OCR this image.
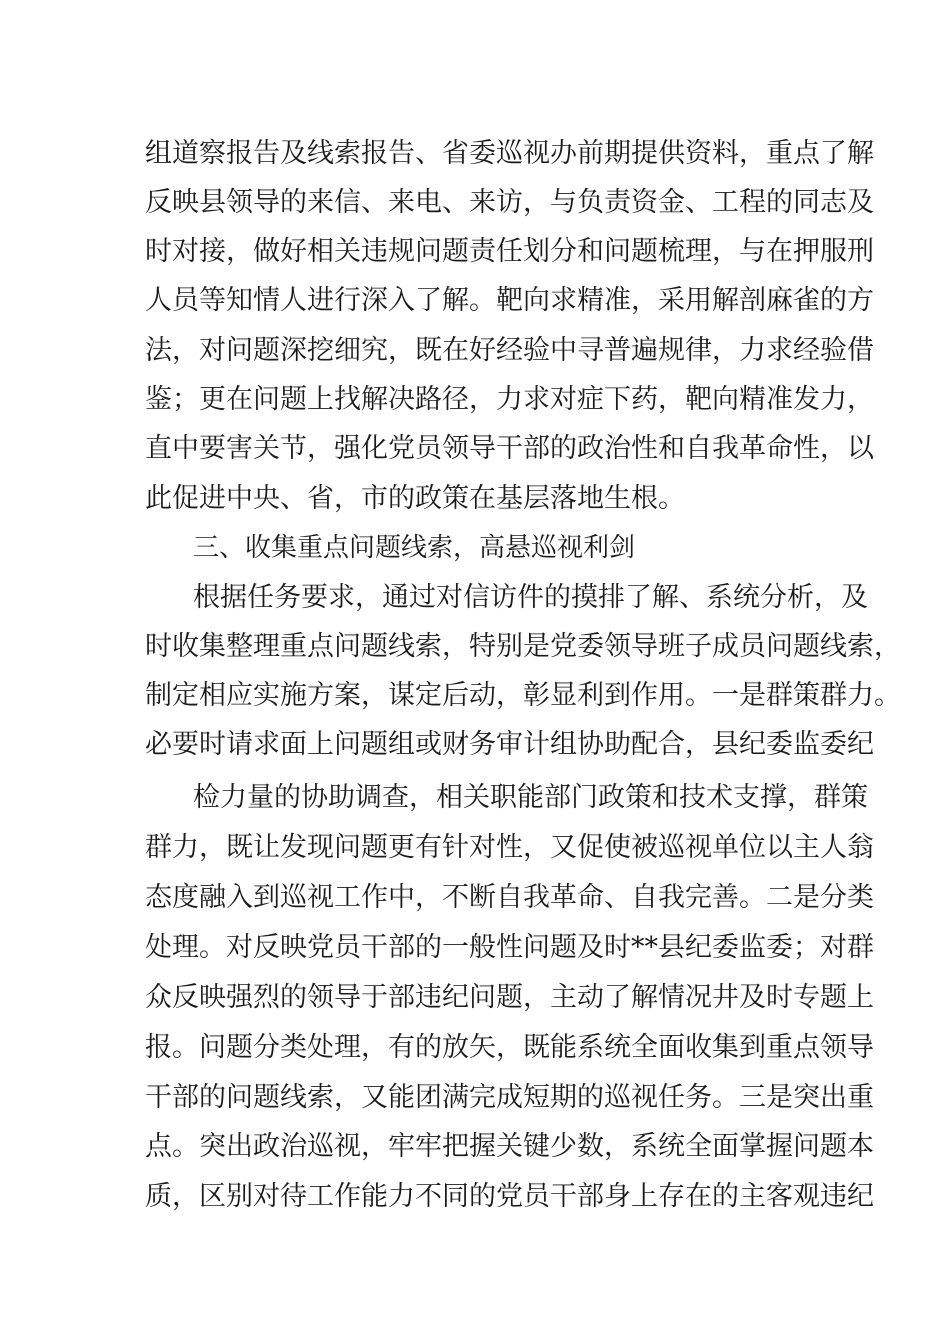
组道察报告及线索报告、省委巡视办前期提供资料，重点了解
反映县领导的来信、来电、来访，与负责资金、工程的同志及
时对接，做好相关违规问题责任划分和问题梳理，与在押服刑
人员等知情人进行深入了解。靶向求精准，采用解剖麻雀的方
法，对问题深挖细究，既在好经验中寻普遍规律，力求经验借
鉴；更在问题上找解决路径，力求对症下药，靶向精准发力，
直中要害关节，强化党员领导干部的政治性和自我革命性，以
此促进中央、省，市的政策在基层落地生根。
三、收集重点问题线索，高悬巡视利剑
根据任务要求，通过对信访件的摸排了解、系统分析，及
时收集整理重点问题线索，特别是党委领导班子成员问题线索，
制定相应实施方案，谋定后动，彰显利到作用。一是群策群力。
必要时请求面上问题组或财务审计组协助配合，县纪委监委纪
检力量的协助调查，相关职能部门政策和技术支撑，群策
群力，既让发现问题更有针对性，又促使被巡视单位以主人翁
态度融入到巡视工作中，不断自我革命、自我完善。二是分类
处理。对反映党员干部的一般性问题及时**县纪委监委；对群
众反映强烈的领导于部违纪问题，主动了解情况井及时专题上
报。问题分类处理，有的放矢，既能系统全面收集到重点领导
干部的问题线索，又能团满完成短期的巡视任务。三是突出重
点。突出政治巡视，牢牢把握关键少数，系统全面掌握问题本
质，区别对待工作能力不同的党员干部身上存在的主客观违纪
